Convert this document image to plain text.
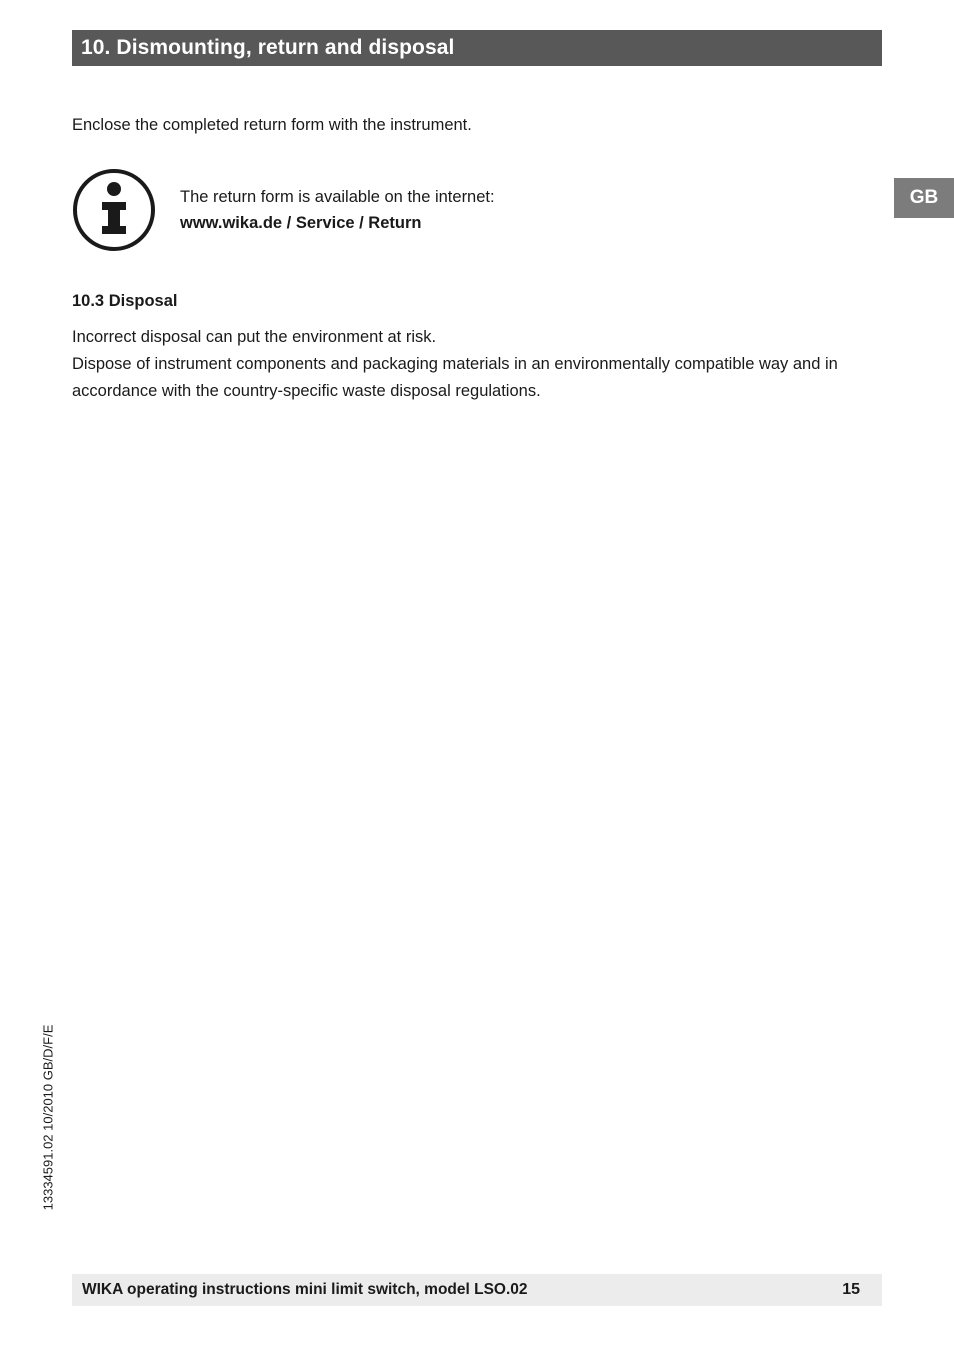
10. Dismounting, return and disposal
GB
Enclose the completed return form with the instrument.
The return form is available on the internet:
www.wika.de / Service / Return
10.3 Disposal

Incorrect disposal can put the environment at risk.

Dispose of instrument components and packaging materials in an environmentally compatible way and in accordance with the country-specific waste disposal regulations.

13334591.02 10/2010 GB/D/F/E
WIKA operating instructions mini limit switch, model LSO.02	15
